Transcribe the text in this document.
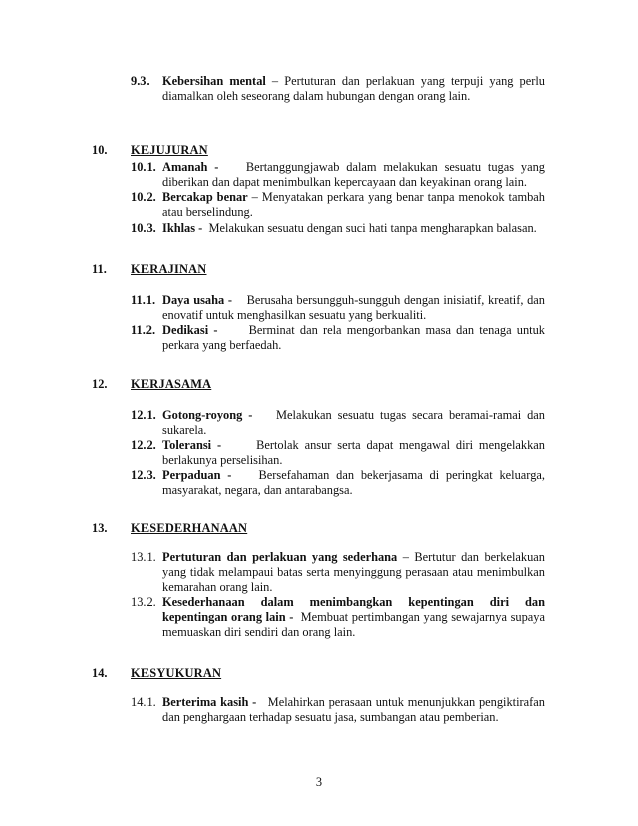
9.3.	Kebersihan mental – Pertuturan dan perlakuan yang terpuji yang perlu
diamalkan oleh seseorang dalam hubungan dengan orang lain.
10. KEJUJURAN
10.1. Amanah - Bertanggungjawab dalam melakukan sesuatu tugas yang
diberikan dan dapat menimbulkan kepercayaan dan keyakinan orang lain.
10.2. Bercakap benar – Menyatakan perkara yang benar tanpa menokok tambah
atau berselindung.
10.3. Ikhlas - Melakukan sesuatu dengan suci hati tanpa mengharapkan balasan.
11. KERAJINAN
11.1. Daya usaha - Berusaha bersungguh-sungguh dengan inisiatif, kreatif, dan
enovatif untuk menghasilkan sesuatu yang berkualiti.
11.2. Dedikasi -	Berminat dan rela mengorbankan masa dan tenaga untuk
perkara yang berfaedah.
12. KERJASAMA
12.1. Gotong-royong - Melakukan sesuatu tugas secara beramai-ramai dan
sukarela.
12.2. Toleransi -	Bertolak ansur serta dapat mengawal diri mengelakkan
berlakunya perselisihan.
12.3. Perpaduan - Bersefahaman dan bekerjasama di peringkat keluarga,
masyarakat, negara, dan antarabangsa.
13. KESEDERHANAAN
13.1. Pertuturan dan perlakuan yang sederhana – Bertutur dan berkelakuan
yang tidak melampaui batas serta menyinggung perasaan atau menimbulkan
kemarahan orang lain.
13.2. Kesederhanaan dalam menimbangkan kepentingan diri dan
kepentingan orang lain - Membuat pertimbangan yang sewajarnya supaya
memuaskan diri sendiri dan orang lain.
14. KESYUKURAN
14.1. Berterima kasih - Melahirkan perasaan untuk menunjukkan pengiktirafan
dan penghargaan terhadap sesuatu jasa, sumbangan atau pemberian.
3
